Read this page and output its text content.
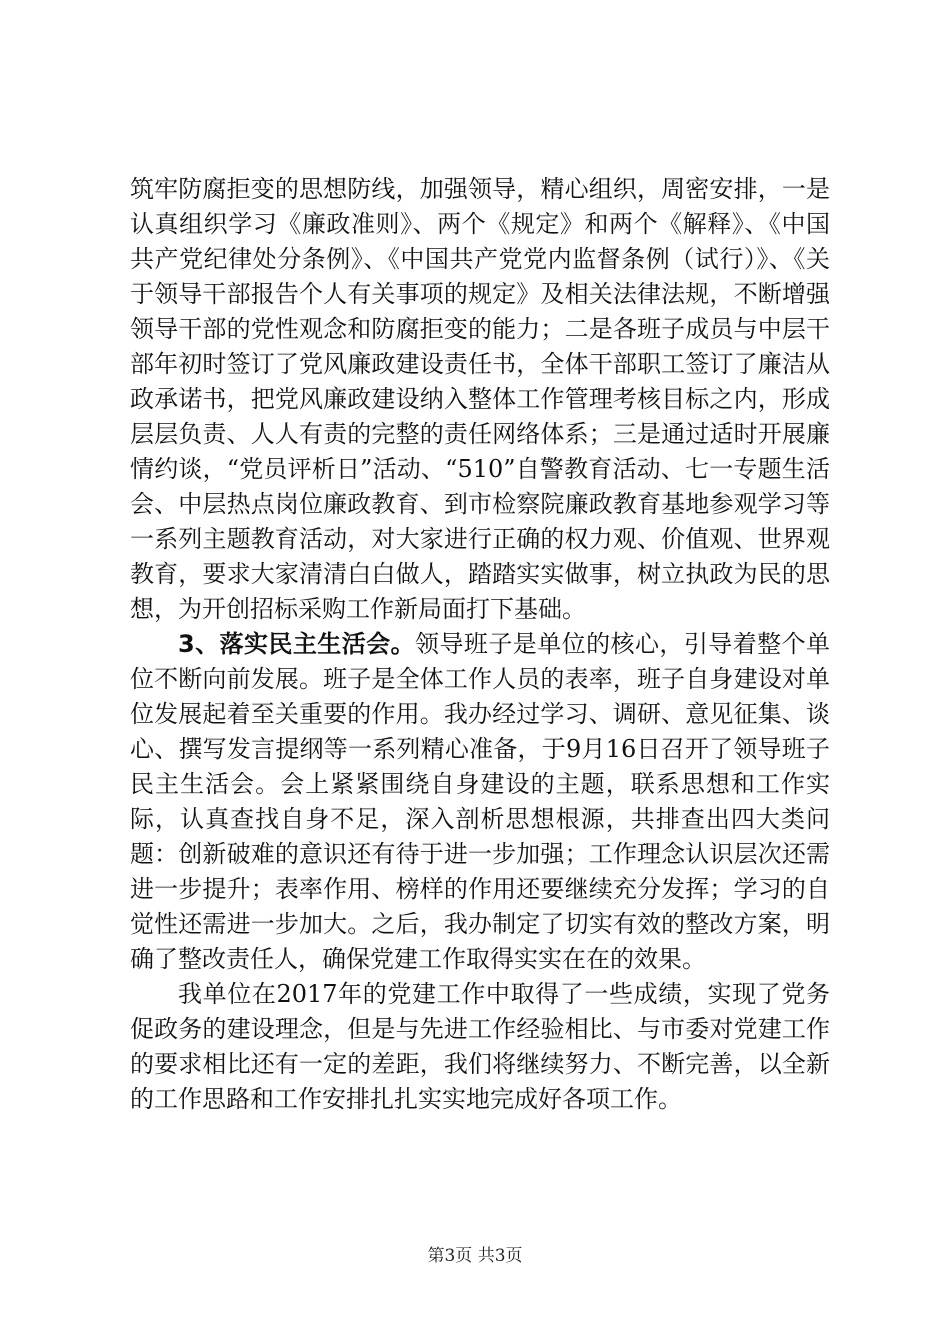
筑牢防腐拒变的思想防线，加强领导，精心组织，周密安排，一是认真组织学习《廉政准则》、两个《规定》和两个《解释》、《中国共产党纪律处分条例》、《中国共产党党内监督条例（试行）》、《关于领导干部报告个人有关事项的规定》及相关法律法规，不断增强领导干部的党性观念和防腐拒变的能力；二是各班子成员与中层干部年初时签订了党风廉政建设责任书，全体干部职工签订了廉洁从政承诺书，把党风廉政建设纳入整体工作管理考核目标之内，形成层层负责、人人有责的完整的责任网络体系；三是通过适时开展廉情约谈，“党员评析日”活动、“510”自警教育活动、七一专题生活会、中层热点岗位廉政教育、到市检察院廉政教育基地参观学习等一系列主题教育活动，对大家进行正确的权力观、价值观、世界观教育，要求大家清清白白做人，踏踏实实做事，树立执政为民的思想，为开创招标采购工作新局面打下基础。

3、落实民主生活会。领导班子是单位的核心，引导着整个单位不断向前发展。班子是全体工作人员的表率，班子自身建设对单位发展起着至关重要的作用。我办经过学习、调研、意见征集、谈心、撰写发言提纲等一系列精心准备，于9月16日召开了领导班子民主生活会。会上紧紧围绕自身建设的主题，联系思想和工作实际，认真查找自身不足，深入剖析思想根源，共排查出四大类问题：创新破难的意识还有待于进一步加强；工作理念认识层次还需进一步提升；表率作用、榜样的作用还要继续充分发挥；学习的自觉性还需进一步加大。之后，我办制定了切实有效的整改方案，明确了整改责任人，确保党建工作取得实实在在的效果。

我单位在2017年的党建工作中取得了一些成绩，实现了党务促政务的建设理念，但是与先进工作经验相比、与市委对党建工作的要求相比还有一定的差距，我们将继续努力、不断完善，以全新的工作思路和工作安排扎扎实实地完成好各项工作。

第3页 共3页
